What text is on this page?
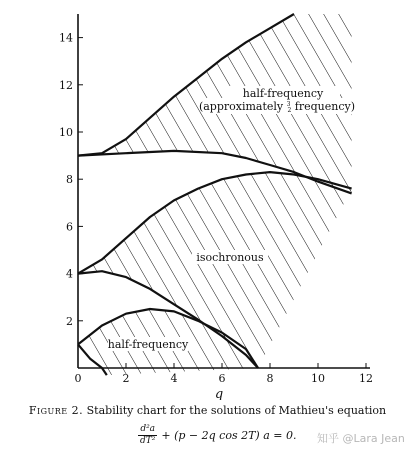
0	2	4	6	8	10	12
2
4
6
8
10
12
14
q
half-frequency
(approximately $^3$ 2 frequency)
isochronous
half-frequency
Figure 2. Stability chart for the solutions of Mathieu's equation
$\frac{\text{d²a}}{\text{dT²}} + (p - 2q$ cos 2T) a = 0. 知乎 @Lara Jean
